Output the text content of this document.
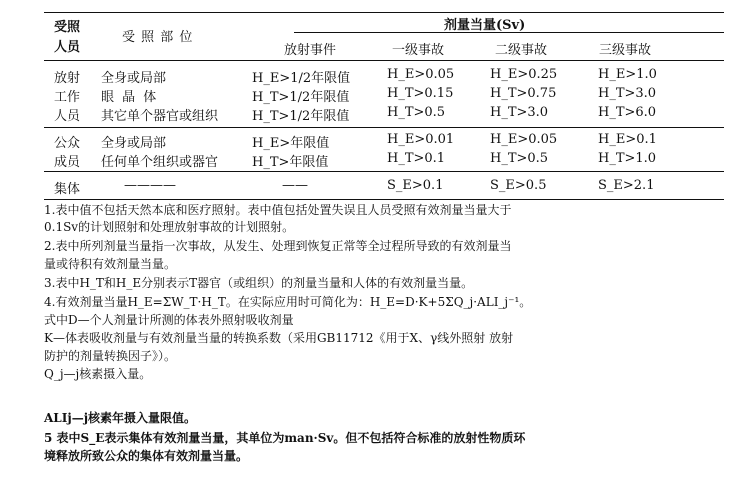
受照
人员
受 照 部 位
剂量当量(Sv)
放射事件	一级事故	二级事故	三级事故
放射
工作
人员
全身或局部	H_E>1/2年限值	H_E>0.05	H_E>0.25	H_E>1.0
眼 晶 体	H_T>1/2年限值	H_T>0.15	H_T>0.75	H_T>3.0
其它单个器官或组织	H_T>1/2年限值	H_T>0.5	H_T>3.0	H_T>6.0
公众
成员
全身或局部	H_E>年限值	H_E>0.01	H_E>0.05	H_E>0.1
任何单个组织或器官	H_T>年限值	H_T>0.1	H_T>0.5	H_T>1.0
集体	————	——	S_E>0.1	S_E>0.5	S_E>2.1
1.表中值不包括天然本底和医疗照射。表中值包括处置失误且人员受照有效剂量当量大于
0.1Sv的计划照射和处理放射事故的计划照射。
2.表中所列剂量当量指一次事故，从发生、处理到恢复正常等全过程所导致的有效剂量当
量或待积有效剂量当量。
3.表中H_T和H_E分别表示T器官（或组织）的剂量当量和人体的有效剂量当量。
4.有效剂量当量H_E=ΣW_T·H_T。在实际应用时可简化为：H_E=D·K+5ΣQ_j·ALI_j⁻¹。
式中D—个人剂量计所测的体表外照射吸收剂量
K—体表吸收剂量与有效剂量当量的转换系数（采用GB11712《用于X、γ线外照射 放射
防护的剂量转换因子》）。
Q_j—j核素摄入量。
ALIj—j核素年摄入量限值。
5 表中S_E表示集体有效剂量当量，其单位为man·Sv。但不包括符合标准的放射性物质环
境释放所致公众的集体有效剂量当量。
